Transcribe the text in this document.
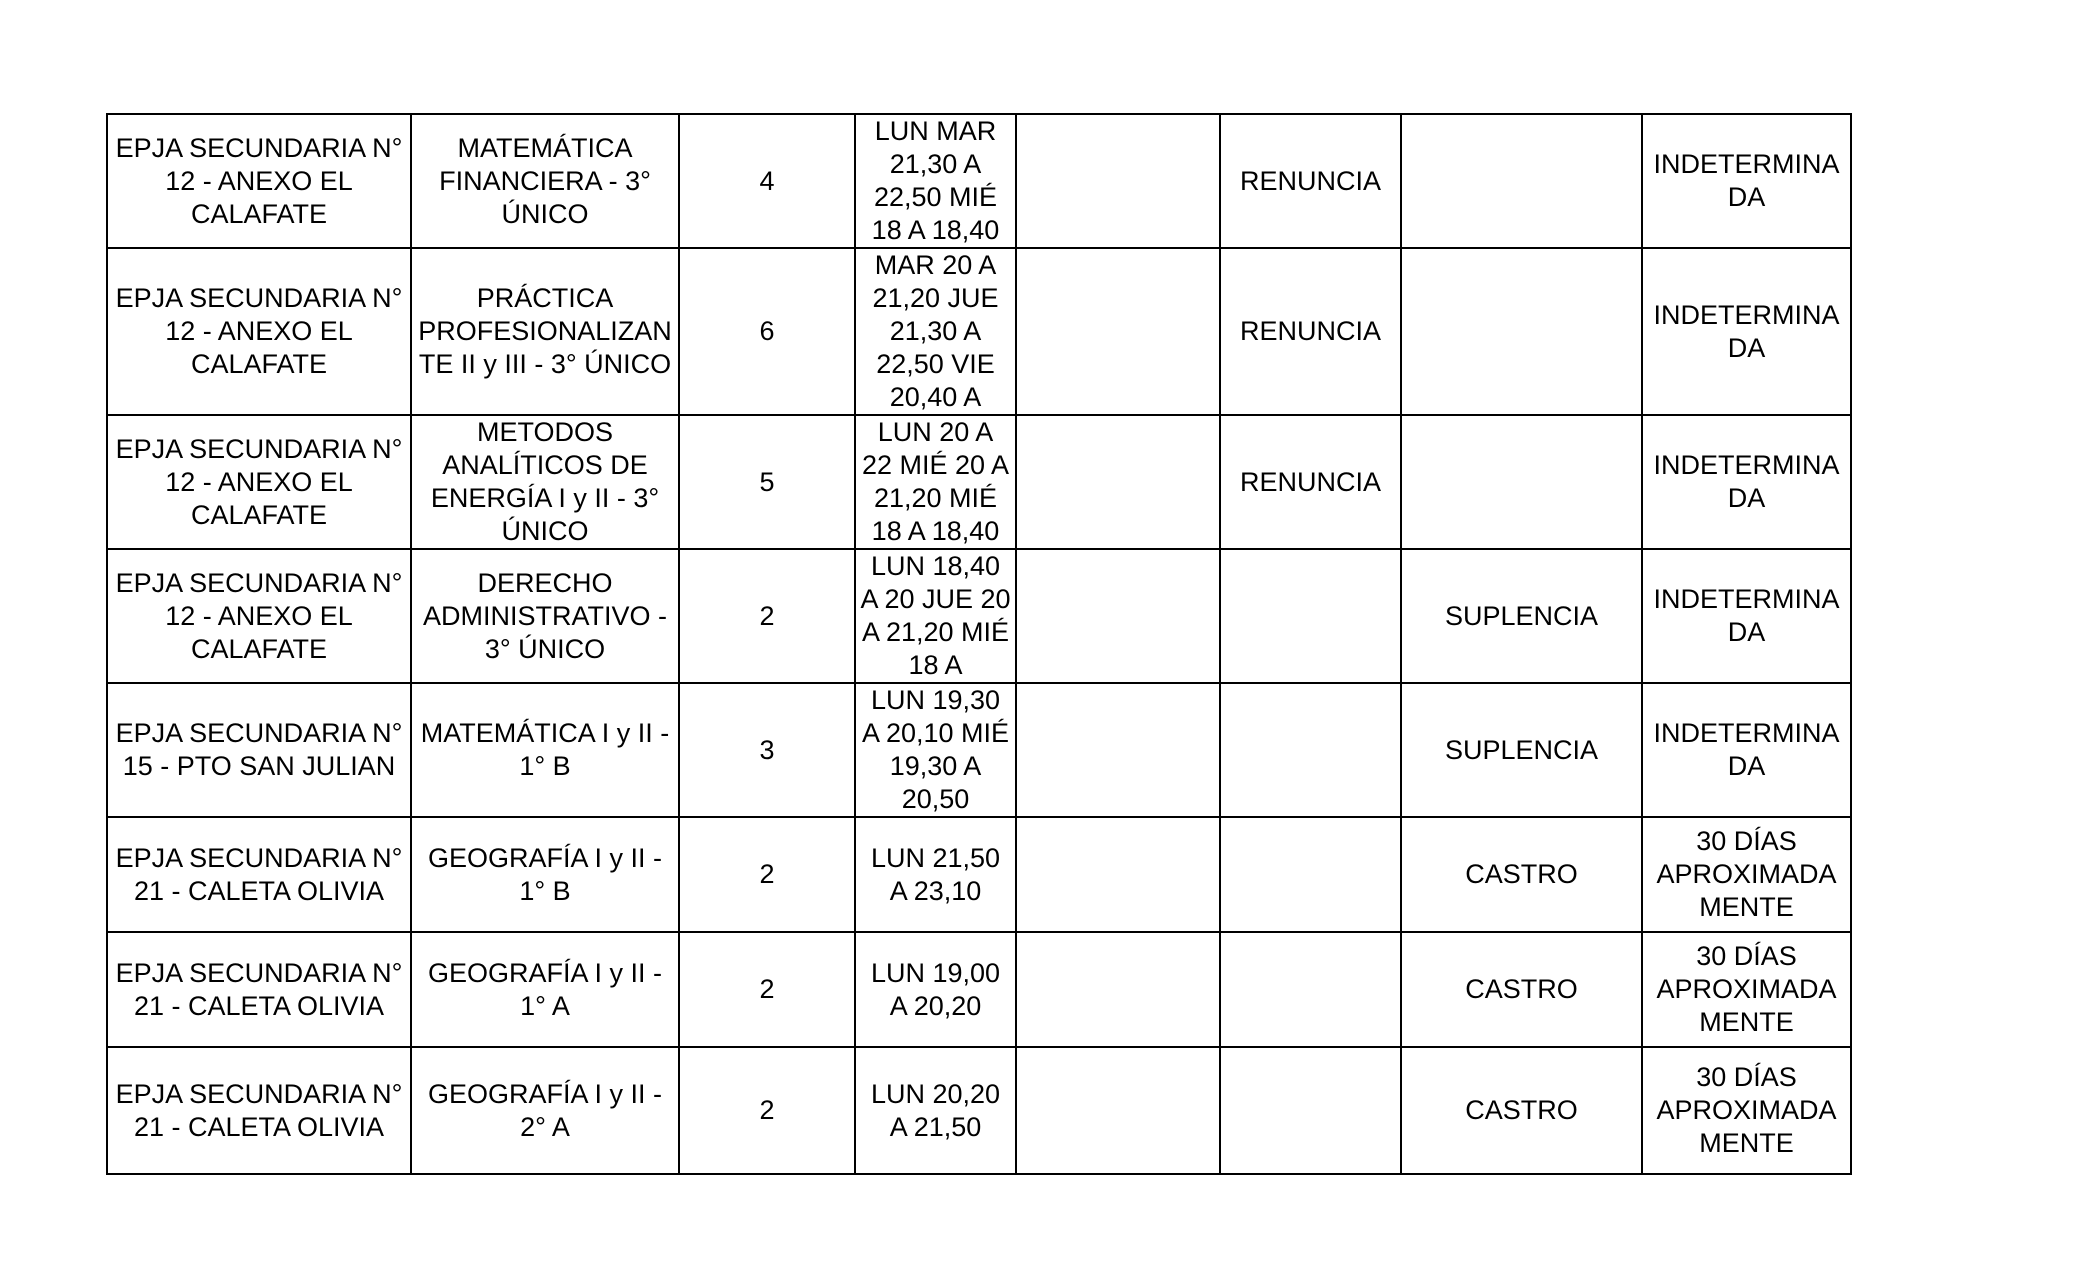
EPJA SECUNDARIA N° 12 - ANEXO EL CALAFATE	MATEMÁTICA FINANCIERA - 3° ÚNICO	4	LUN MAR 21,30 A 22,50 MIÉ 18 A 18,40		RENUNCIA		INDETERMINADA
EPJA SECUNDARIA N° 12 - ANEXO EL CALAFATE	PRÁCTICA PROFESIONALIZANTE II y III - 3° ÚNICO	6	MAR 20 A 21,20 JUE 21,30 A 22,50 VIE 20,40 A		RENUNCIA		INDETERMINADA
EPJA SECUNDARIA N° 12 - ANEXO EL CALAFATE	METODOS ANALÍTICOS DE ENERGÍA I y II - 3° ÚNICO	5	LUN 20 A 22 MIÉ 20 A 21,20 MIÉ 18 A 18,40		RENUNCIA		INDETERMINADA
EPJA SECUNDARIA N° 12 - ANEXO EL CALAFATE	DERECHO ADMINISTRATIVO - 3° ÚNICO	2	LUN 18,40 A 20 JUE 20 A 21,20 MIÉ 18 A			SUPLENCIA	INDETERMINADA
EPJA SECUNDARIA N° 15 - PTO SAN JULIAN	MATEMÁTICA I y II - 1° B	3	LUN 19,30 A 20,10 MIÉ 19,30 A 20,50			SUPLENCIA	INDETERMINADA
EPJA SECUNDARIA N° 21 - CALETA OLIVIA	GEOGRAFÍA I y II - 1° B	2	LUN 21,50 A 23,10			CASTRO	30 DÍAS APROXIMADAMENTE
EPJA SECUNDARIA N° 21 - CALETA OLIVIA	GEOGRAFÍA I y II - 1° A	2	LUN 19,00 A 20,20			CASTRO	30 DÍAS APROXIMADAMENTE
EPJA SECUNDARIA N° 21 - CALETA OLIVIA	GEOGRAFÍA I y II - 2° A	2	LUN 20,20 A 21,50			CASTRO	30 DÍAS APROXIMADAMENTE
